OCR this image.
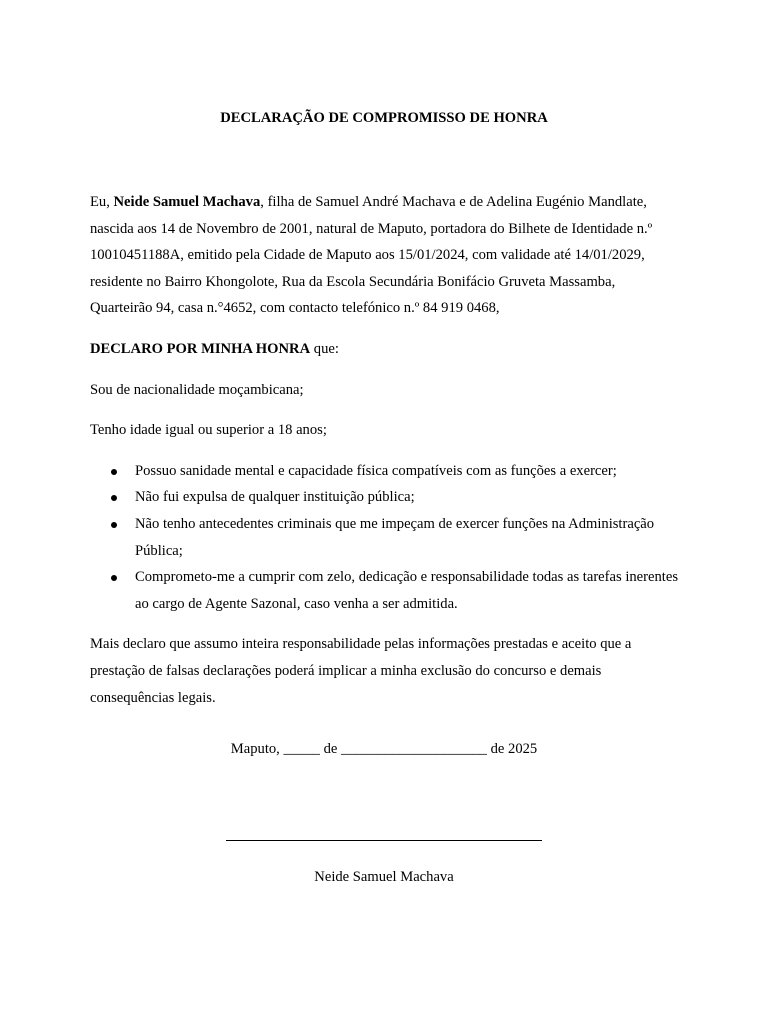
DECLARAÇÃO DE COMPROMISSO DE HONRA

Eu, Neide Samuel Machava, filha de Samuel André Machava e de Adelina Eugénio Mandlate, nascida aos 14 de Novembro de 2001, natural de Maputo, portadora do Bilhete de Identidade n.º 10010451188A, emitido pela Cidade de Maputo aos 15/01/2024, com validade até 14/01/2029, residente no Bairro Khongolote, Rua da Escola Secundária Bonifácio Gruveta Massamba, Quarteirão 94, casa n.°4652, com contacto telefónico n.º 84 919 0468,

DECLARO POR MINHA HONRA que:

Sou de nacionalidade moçambicana;

Tenho idade igual ou superior a 18 anos;

Possuo sanidade mental e capacidade física compatíveis com as funções a exercer;
Não fui expulsa de qualquer instituição pública;
Não tenho antecedentes criminais que me impeçam de exercer funções na Administração Pública;
Comprometo-me a cumprir com zelo, dedicação e responsabilidade todas as tarefas inerentes ao cargo de Agente Sazonal, caso venha a ser admitida.

Mais declaro que assumo inteira responsabilidade pelas informações prestadas e aceito que a prestação de falsas declarações poderá implicar a minha exclusão do concurso e demais consequências legais.

Maputo, _____ de ____________________ de 2025
Neide Samuel Machava
